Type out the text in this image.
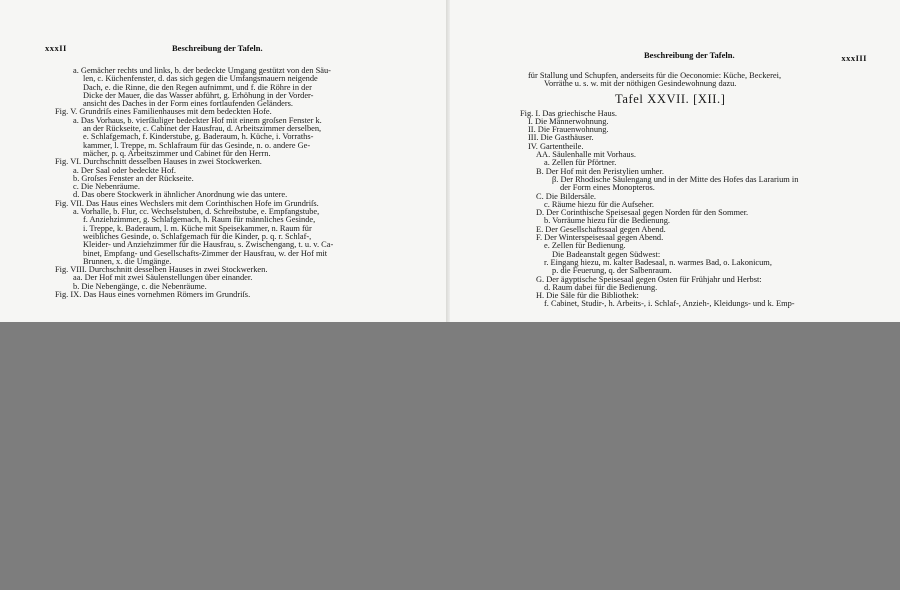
xxxII	Beschreibung der Tafeln.
a. Gemächer rechts und links, b. der bedeckte Umgang gestützt von den Säu-
len, c. Küchenfenster, d. das sich gegen die Umfangsmauern neigende
Dach, e. die Rinne, die den Regen aufnimmt, und f. die Röhre in der
Dicke der Mauer, die das Wasser abführt, g. Erhöhung in der Vorder-
ansicht des Daches in der Form eines fortlaufenden Geländers.
Fig. V. Grundriſs eines Familienhauses mit dem bedeckten Hofe.
a. Das Vorhaus, b. vierſäuliger bedeckter Hof mit einem groſsen Fenster k.
an der Rückseite, c. Cabinet der Hausfrau, d. Arbeitszimmer derselben,
e. Schlafgemach, f. Kinderstube, g. Baderaum, h. Küche, i. Vorraths-
kammer, l. Treppe, m. Schlafraum für das Gesinde, n. o. andere Ge-
mächer, p. q. Arbeitszimmer und Cabinet für den Herrn.
Fig. VI. Durchschnitt desselben Hauses in zwei Stockwerken.
a. Der Saal oder bedeckte Hof.
b. Groſses Fenster an der Rückseite.
c. Die Nebenräume.
d. Das obere Stockwerk in ähnlicher Anordnung wie das untere.
Fig. VII. Das Haus eines Wechslers mit dem Corinthischen Hofe im Grundriſs.
a. Vorhalle, b. Flur, cc. Wechselstuben, d. Schreibstube, e. Empfangstube,
f. Anziehzimmer, g. Schlafgemach, h. Raum für männliches Gesinde,
i. Treppe, k. Baderaum, l. m. Küche mit Speisekammer, n. Raum für
weibliches Gesinde, o. Schlafgemach für die Kinder, p. q. r. Schlaf-,
Kleider- und Anziehzimmer für die Hausfrau, s. Zwischengang, t. u. v. Ca-
binet, Empfang- und Gesellschafts-Zimmer der Hausfrau, w. der Hof mit
Brunnen, x. die Umgänge.
Fig. VIII. Durchschnitt desselben Hauses in zwei Stockwerken.
aa. Der Hof mit zwei Säulenstellungen über einander.
b. Die Nebengänge, c. die Nebenräume.
Fig. IX. Das Haus eines vornehmen Römers im Grundriſs.
Beschreibung der Tafeln.	xxxIII
für Stallung und Schupfen, anderseits für die Oeconomie: Küche, Beckerei,
Vorräthe u. s. w. mit der nöthigen Gesindewohnung dazu.
Tafel XXVII. [XII.]
Fig. I. Das griechische Haus.
I. Die Männerwohnung.
II. Die Frauenwohnung.
III. Die Gasthäuser.
IV. Gartentheile.
AA. Säulenhalle mit Vorhaus.
a. Zellen für Pförtner.
B. Der Hof mit den Peristylien umher.
β. Der Rhodische Säulengang und in der Mitte des Hofes das Lararium in
der Form eines Monopteros.
C. Die Bildersäle.
c. Räume hiezu für die Aufseher.
D. Der Corinthische Speisesaal gegen Norden für den Sommer.
b. Vorräume hiezu für die Bedienung.
E. Der Gesellschaftssaal gegen Abend.
F. Der Winterspeisesaal gegen Abend.
e. Zellen für Bedienung.
Die Badeanstalt gegen Südwest:
r. Eingang hiezu, m. kalter Badesaal, n. warmes Bad, o. Lakonicum,
p. die Feuerung, q. der Salbenraum.
G. Der ägyptische Speisesaal gegen Osten für Frühjahr und Herbst:
d. Raum dabei für die Bedienung.
H. Die Säle für die Bibliothek:
f. Cabinet, Studir-, h. Arbeits-, i. Schlaf-, Anzieh-, Kleidungs- und k. Emp-
